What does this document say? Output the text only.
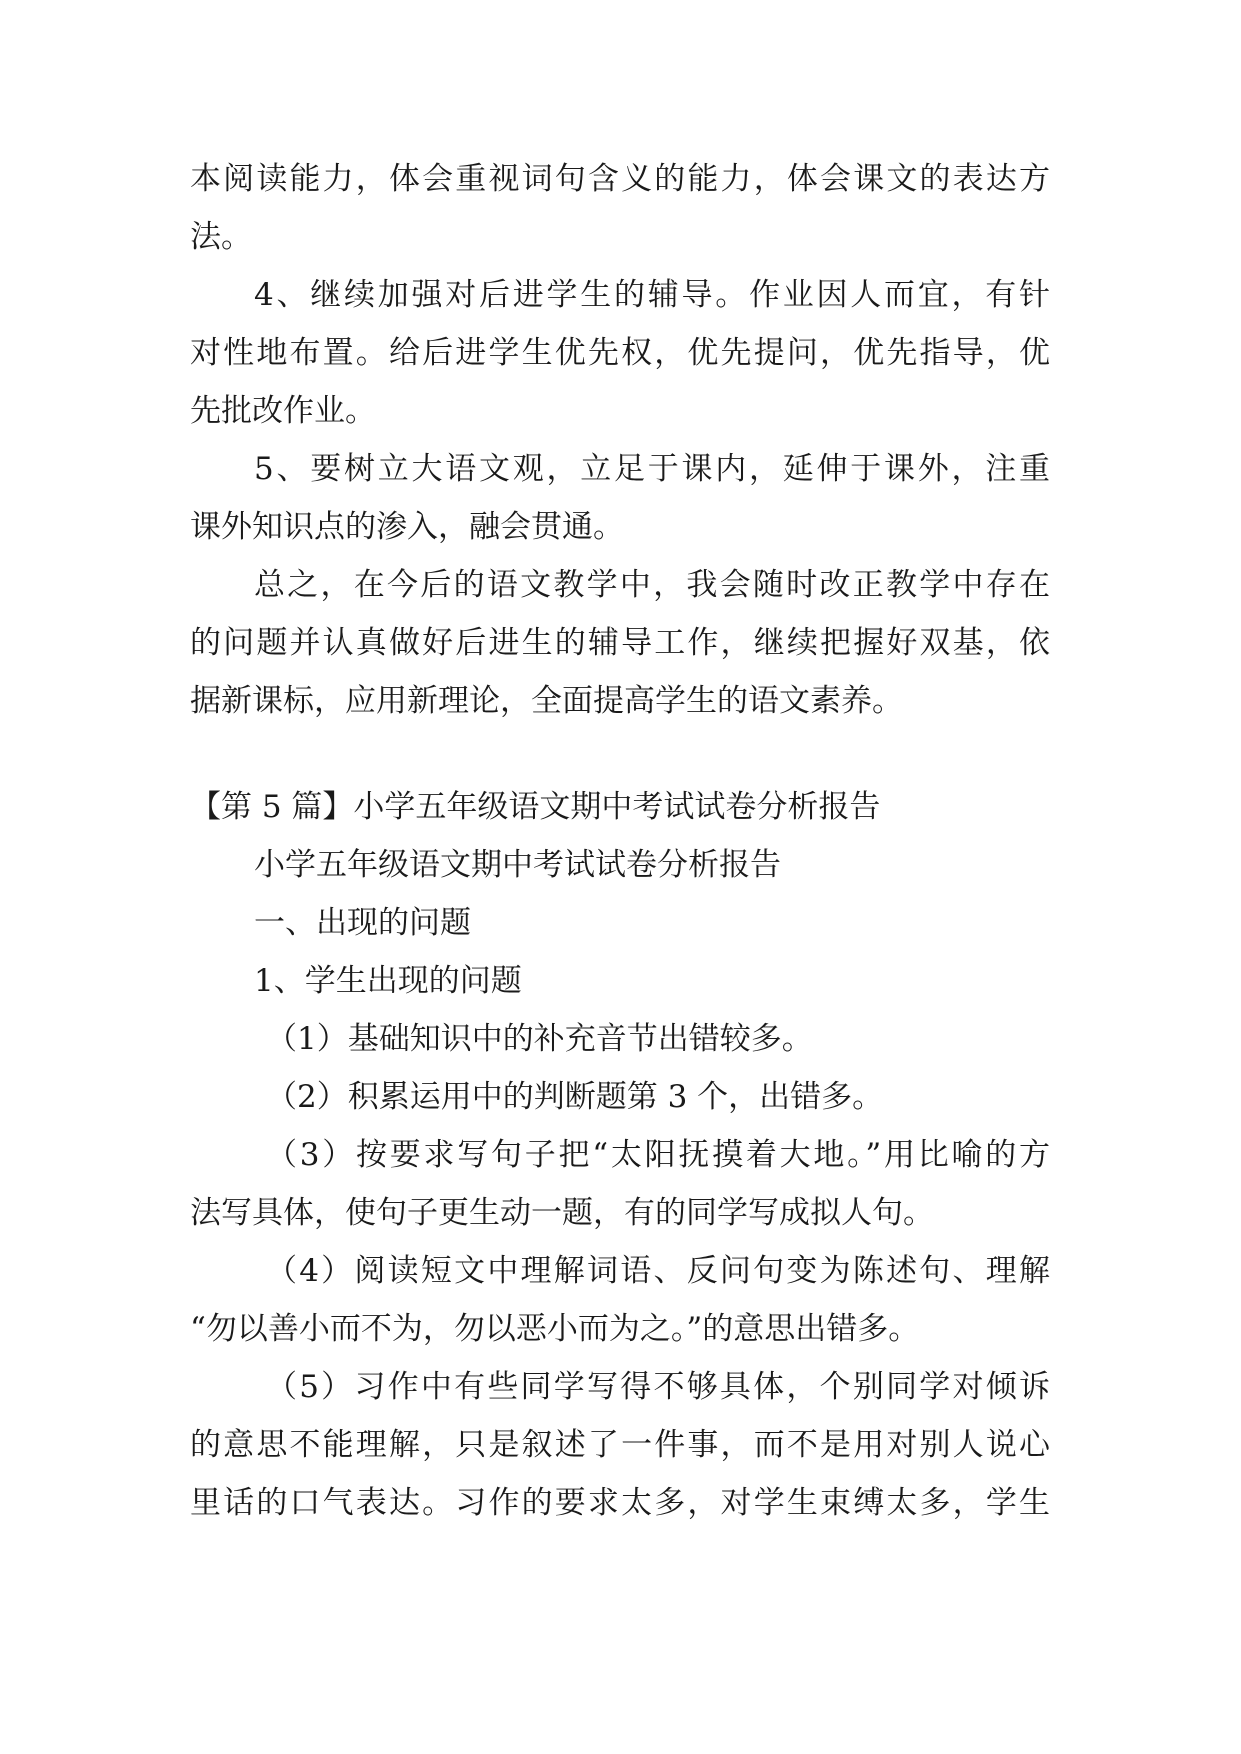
本阅读能力，体会重视词句含义的能力，体会课文的表达方
法。
4、继续加强对后进学生的辅导。作业因人而宜，有针
对性地布置。给后进学生优先权，优先提问，优先指导，优
先批改作业。
5、要树立大语文观，立足于课内，延伸于课外，注重
课外知识点的渗入，融会贯通。
总之，在今后的语文教学中，我会随时改正教学中存在
的问题并认真做好后进生的辅导工作，继续把握好双基，依
据新课标，应用新理论，全面提高学生的语文素养。
【第 5 篇】小学五年级语文期中考试试卷分析报告
小学五年级语文期中考试试卷分析报告
一、出现的问题
1、学生出现的问题
（1）基础知识中的补充音节出错较多。
（2）积累运用中的判断题第 3 个，出错多。
（3）按要求写句子把“太阳抚摸着大地。”用比喻的方
法写具体，使句子更生动一题，有的同学写成拟人句。
（4）阅读短文中理解词语、反问句变为陈述句、理解
“勿以善小而不为，勿以恶小而为之。”的意思出错多。
（5）习作中有些同学写得不够具体，个别同学对倾诉
的意思不能理解，只是叙述了一件事，而不是用对别人说心
里话的口气表达。习作的要求太多，对学生束缚太多，学生
